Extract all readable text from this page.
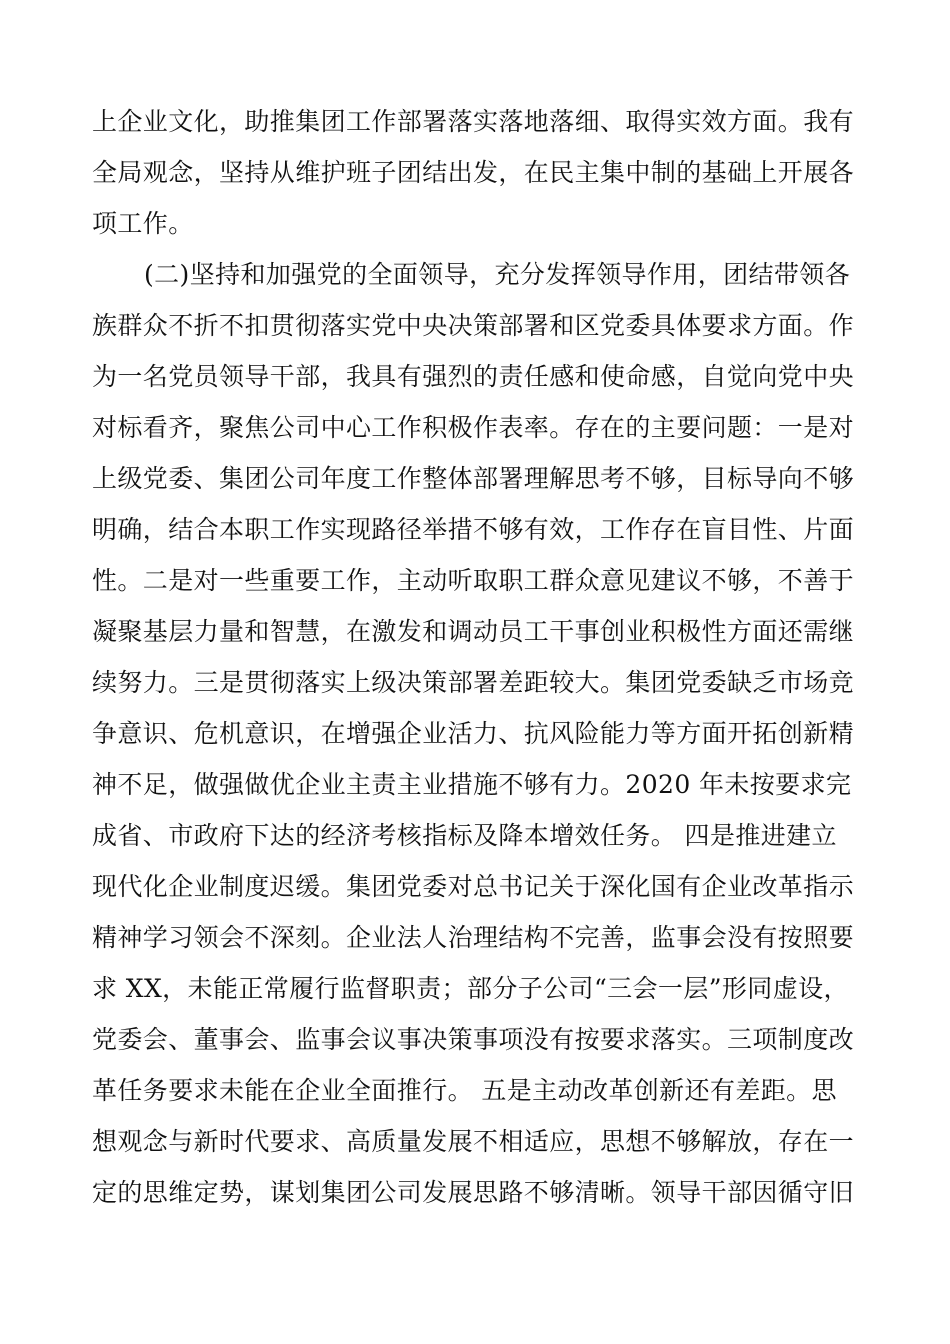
上企业文化，助推集团工作部署落实落地落细、取得实效方面。我有
全局观念，坚持从维护班子团结出发，在民主集中制的基础上开展各
项工作。
(二)坚持和加强党的全面领导，充分发挥领导作用，团结带领各
族群众不折不扣贯彻落实党中央决策部署和区党委具体要求方面。作
为一名党员领导干部，我具有强烈的责任感和使命感，自觉向党中央
对标看齐，聚焦公司中心工作积极作表率。存在的主要问题：一是对
上级党委、集团公司年度工作整体部署理解思考不够，目标导向不够
明确，结合本职工作实现路径举措不够有效，工作存在盲目性、片面
性。二是对一些重要工作，主动听取职工群众意见建议不够，不善于
凝聚基层力量和智慧，在激发和调动员工干事创业积极性方面还需继
续努力。三是贯彻落实上级决策部署差距较大。集团党委缺乏市场竞
争意识、危机意识，在增强企业活力、抗风险能力等方面开拓创新精
神不足，做强做优企业主责主业措施不够有力。2020 年未按要求完
成省、市政府下达的经济考核指标及降本增效任务。 四是推进建立
现代化企业制度迟缓。集团党委对总书记关于深化国有企业改革指示
精神学习领会不深刻。企业法人治理结构不完善，监事会没有按照要
求 XX，未能正常履行监督职责；部分子公司“三会一层”形同虚设，
党委会、董事会、监事会议事决策事项没有按要求落实。三项制度改
革任务要求未能在企业全面推行。 五是主动改革创新还有差距。思
想观念与新时代要求、高质量发展不相适应，思想不够解放，存在一
定的思维定势，谋划集团公司发展思路不够清晰。领导干部因循守旧
